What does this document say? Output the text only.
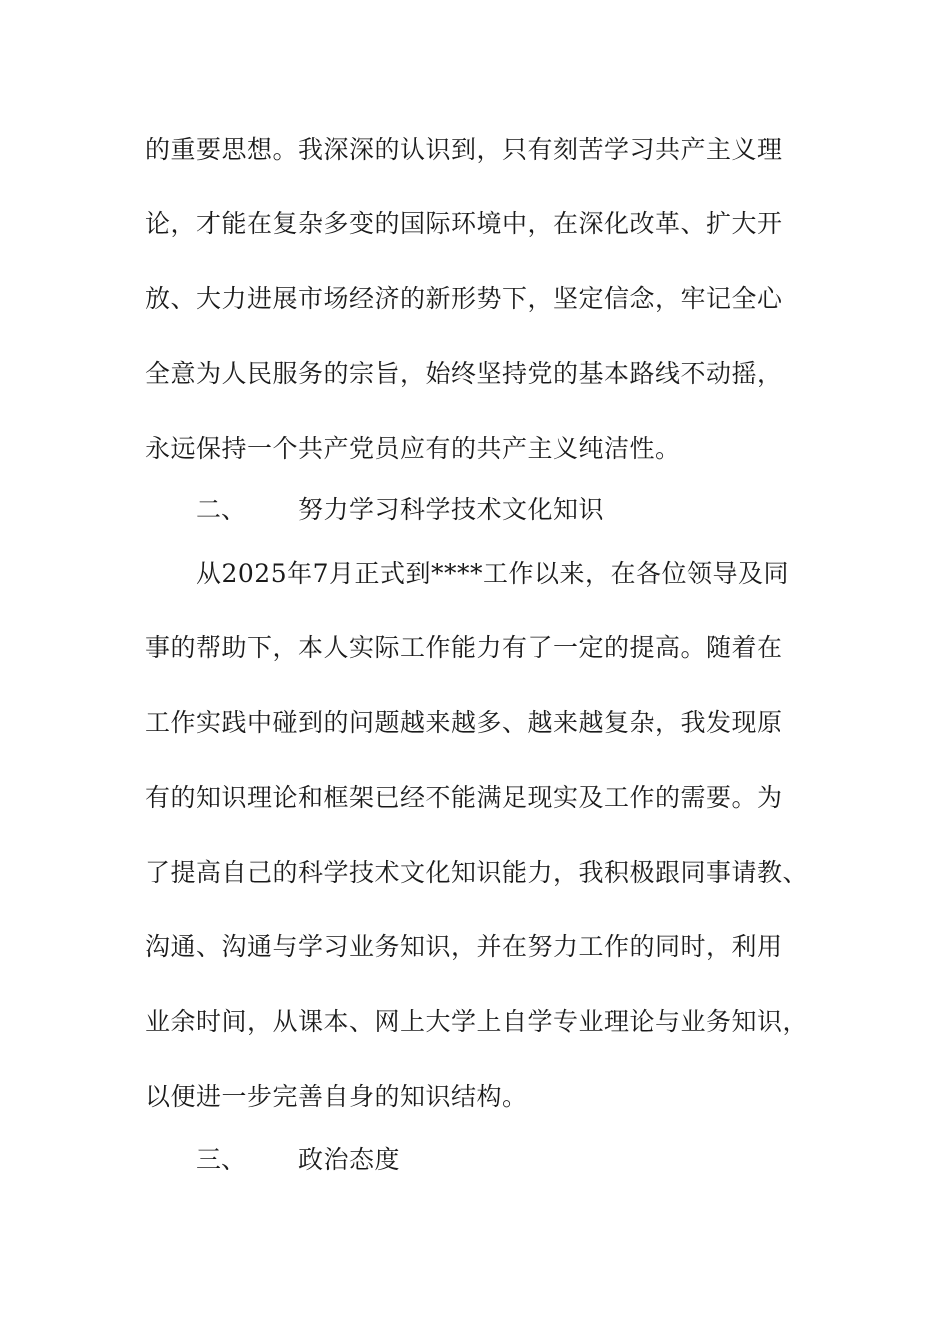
的重要思想。我深深的认识到，只有刻苦学习共产主义理
论，才能在复杂多变的国际环境中，在深化改革、扩大开
放、大力进展市场经济的新形势下，坚定信念，牢记全心
全意为人民服务的宗旨，始终坚持党的基本路线不动摇，
永远保持一个共产党员应有的共产主义纯洁性。
二、 努力学习科学技术文化知识
从2025年7月正式到****工作以来，在各位领导及同
事的帮助下，本人实际工作能力有了一定的提高。随着在
工作实践中碰到的问题越来越多、越来越复杂，我发现原
有的知识理论和框架已经不能满足现实及工作的需要。为
了提高自己的科学技术文化知识能力，我积极跟同事请教、
沟通、沟通与学习业务知识，并在努力工作的同时，利用
业余时间，从课本、网上大学上自学专业理论与业务知识，
以便进一步完善自身的知识结构。
三、 政治态度
